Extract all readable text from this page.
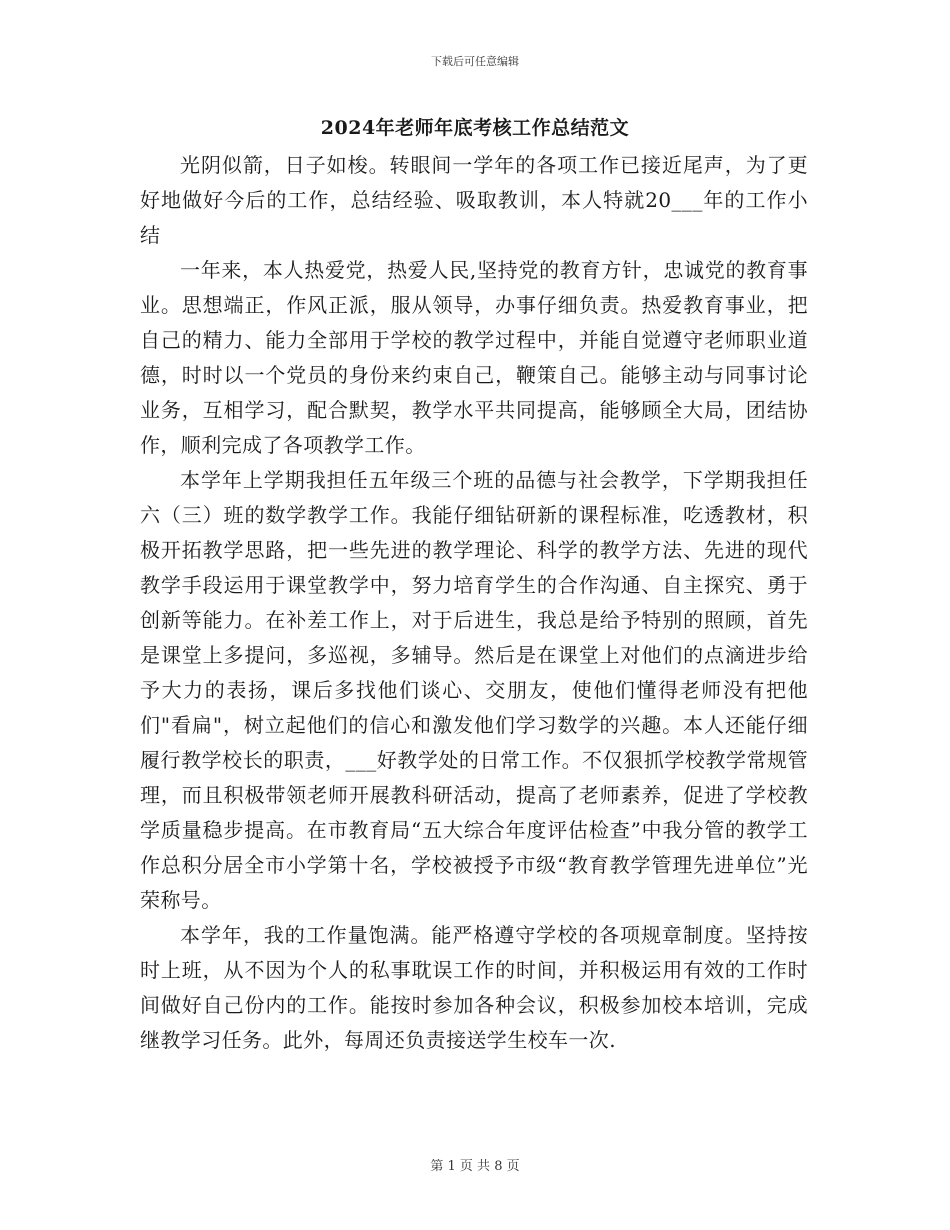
下载后可任意编辑
2024年老师年底考核工作总结范文

光阴似箭，日子如梭。转眼间一学年的各项工作已接近尾声，为了更好地做好今后的工作，总结经验、吸取教训，本人特就20___年的工作小结

一年来，本人热爱党，热爱人民,坚持党的教育方针，忠诚党的教育事业。思想端正，作风正派，服从领导，办事仔细负责。热爱教育事业，把自己的精力、能力全部用于学校的教学过程中，并能自觉遵守老师职业道德，时时以一个党员的身份来约束自己，鞭策自己。能够主动与同事讨论业务，互相学习，配合默契，教学水平共同提高，能够顾全大局，团结协作，顺利完成了各项教学工作。

本学年上学期我担任五年级三个班的品德与社会教学，下学期我担任六（三）班的数学教学工作。我能仔细钻研新的课程标准，吃透教材，积极开拓教学思路，把一些先进的教学理论、科学的教学方法、先进的现代教学手段运用于课堂教学中，努力培育学生的合作沟通、自主探究、勇于创新等能力。在补差工作上，对于后进生，我总是给予特别的照顾，首先是课堂上多提问，多巡视，多辅导。然后是在课堂上对他们的点滴进步给予大力的表扬，课后多找他们谈心、交朋友，使他们懂得老师没有把他们"看扁"，树立起他们的信心和激发他们学习数学的兴趣。本人还能仔细履行教学校长的职责，___好教学处的日常工作。不仅狠抓学校教学常规管理，而且积极带领老师开展教科研活动，提高了老师素养，促进了学校教学质量稳步提高。在市教育局“五大综合年度评估检查”中我分管的教学工作总积分居全市小学第十名，学校被授予市级“教育教学管理先进单位”光荣称号。

本学年，我的工作量饱满。能严格遵守学校的各项规章制度。坚持按时上班，从不因为个人的私事耽误工作的时间，并积极运用有效的工作时间做好自己份内的工作。能按时参加各种会议，积极参加校本培训，完成继教学习任务。此外，每周还负责接送学生校车一次.

第 1 页 共 8 页
